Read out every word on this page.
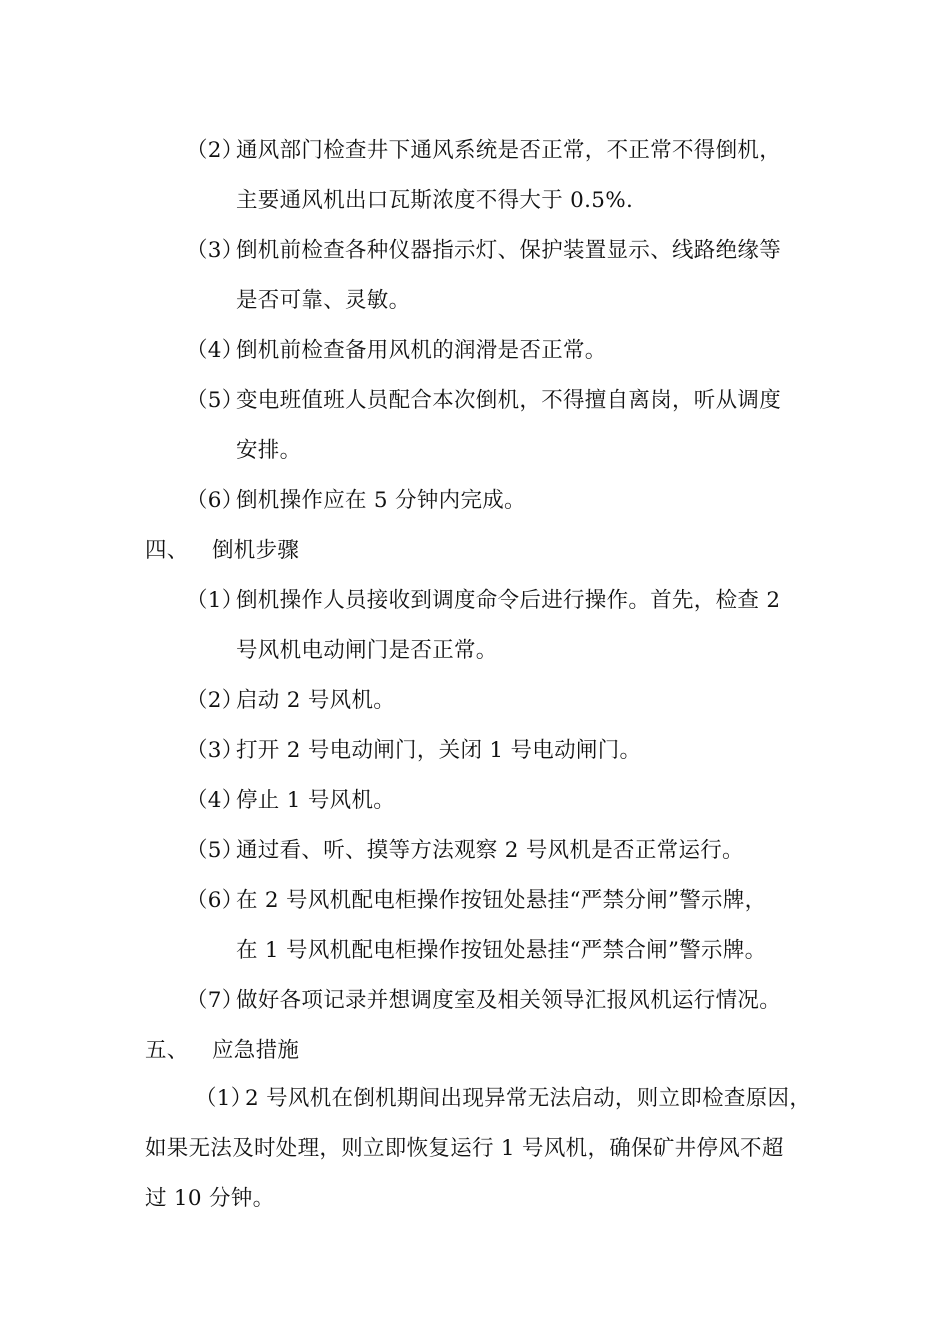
（2）
通风部门检查井下通风系统是否正常，不正常不得倒机，
主要通风机出口瓦斯浓度不得大于 0.5%.
（3）
倒机前检查各种仪器指示灯、保护装置显示、线路绝缘等
是否可靠、灵敏。
（4）
倒机前检查备用风机的润滑是否正常。
（5）
变电班值班人员配合本次倒机，不得擅自离岗，听从调度
安排。
（6）
倒机操作应在 5 分钟内完成。
四、 倒机步骤
（1）
倒机操作人员接收到调度命令后进行操作。首先，检查 2
号风机电动闸门是否正常。
（2）
启动 2 号风机。
（3）
打开 2 号电动闸门，关闭 1 号电动闸门。
（4）
停止 1 号风机。
（5）
通过看、听、摸等方法观察 2 号风机是否正常运行。
（6）
在 2 号风机配电柜操作按钮处悬挂“严禁分闸”警示牌，
在 1 号风机配电柜操作按钮处悬挂“严禁合闸”警示牌。
（7）
做好各项记录并想调度室及相关领导汇报风机运行情况。
五、 应急措施
（1）
2 号风机在倒机期间出现异常无法启动，则立即检查原因，
如果无法及时处理，则立即恢复运行 1 号风机，确保矿井停风不超
过 10 分钟。
